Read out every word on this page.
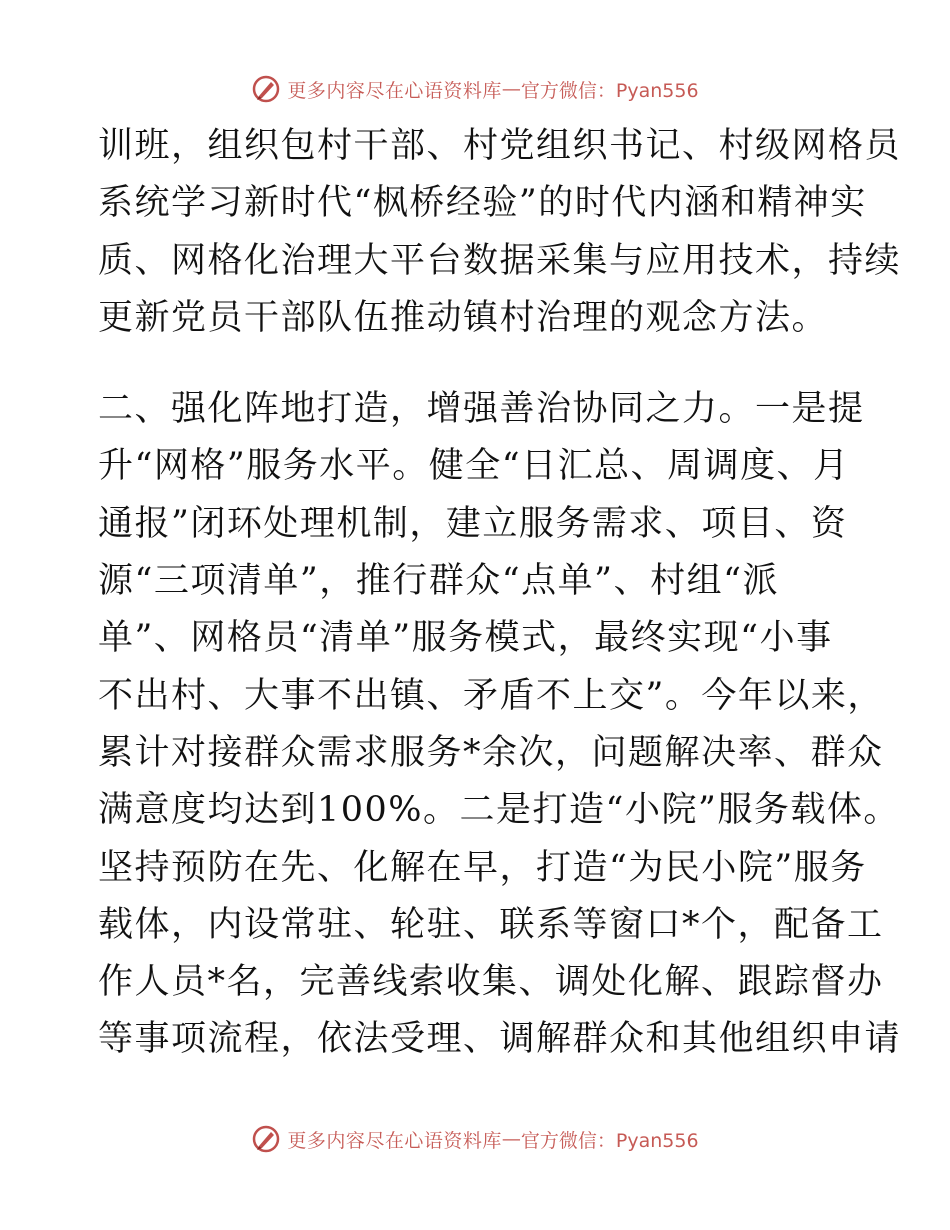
更多内容尽在心语资料库 — 官方微信：Pyan556
训班，组织包村干部、村党组织书记、村级网格员
系统学习新时代“枫桥经验”的时代内涵和精神实
质、网格化治理大平台数据采集与应用技术，持续
更新党员干部队伍推动镇村治理的观念方法。
二、强化阵地打造，增强善治协同之力。一是提
升“网格”服务水平。健全“日汇总、周调度、月
通报”闭环处理机制，建立服务需求、项目、资
源“三项清单”，推行群众“点单”、村组“派
单”、网格员“清单”服务模式，最终实现“小事
不出村、大事不出镇、矛盾不上交”。今年以来，
累计对接群众需求服务*余次，问题解决率、群众
满意度均达到100%。二是打造“小院”服务载体。
坚持预防在先、化解在早，打造“为民小院”服务
载体，内设常驻、轮驻、联系等窗口*个，配备工
作人员*名，完善线索收集、调处化解、跟踪督办
等事项流程，依法受理、调解群众和其他组织申请
更多内容尽在心语资料库 — 官方微信：Pyan556
